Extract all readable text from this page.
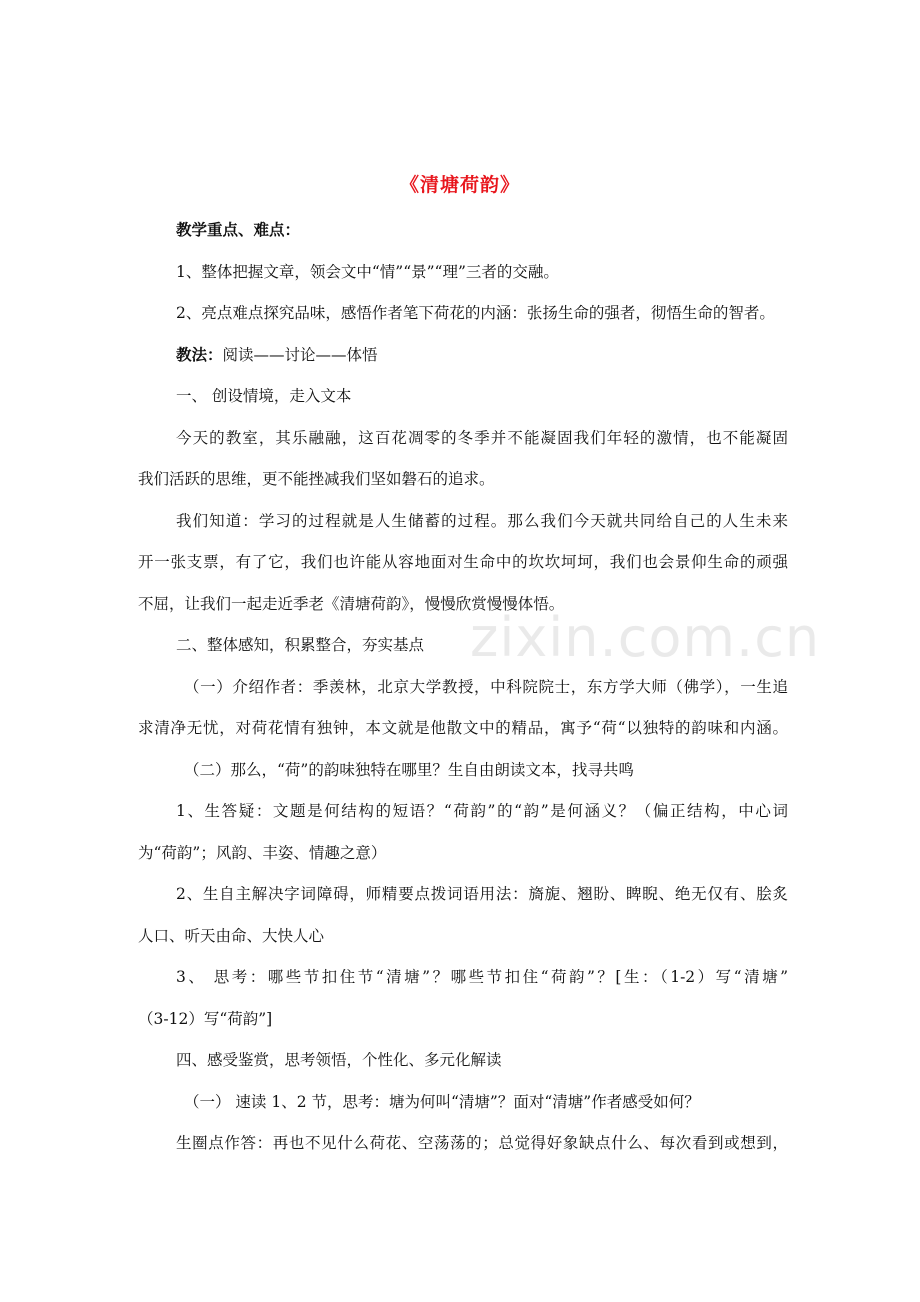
《清塘荷韵》
教学重点、难点：
1、整体把握文章，领会文中“情”“景”“理”三者的交融。
2、亮点难点探究品味，感悟作者笔下荷花的内涵：张扬生命的强者，彻悟生命的智者。
教法：阅读——讨论——体悟
一、 创设情境，走入文本
今天的教室，其乐融融，这百花凋零的冬季并不能凝固我们年轻的激情，也不能凝固
我们活跃的思维，更不能挫减我们坚如磐石的追求。
我们知道：学习的过程就是人生储蓄的过程。那么我们今天就共同给自己的人生未来
开一张支票，有了它，我们也许能从容地面对生命中的坎坎坷坷，我们也会景仰生命的顽强
不屈，让我们一起走近季老《清塘荷韵》，慢慢欣赏慢慢体悟。
二、整体感知，积累整合，夯实基点
（一）介绍作者：季羡林，北京大学教授，中科院院士，东方学大师（佛学），一生追
求清净无忧，对荷花情有独钟，本文就是他散文中的精品，寓予“荷“以独特的韵味和内涵。
（二）那么，“荷”的韵味独特在哪里？生自由朗读文本，找寻共鸣
1、生答疑：文题是何结构的短语？“荷韵”的“韵”是何涵义？（偏正结构，中心词
为“荷韵”；风韵、丰姿、情趣之意）
2、生自主解决字词障碍，师精要点拨词语用法：旖旎、翘盼、睥睨、绝无仅有、脍炙
人口、听天由命、大快人心
3、 思考：哪些节扣住节“清塘”？哪些节扣住“荷韵”？[生：（1-2）写“清塘”
（3-12）写“荷韵”]
四、感受鉴赏，思考领悟，个性化、多元化解读
（一） 速读 1、2 节，思考：塘为何叫“清塘”？面对“清塘”作者感受如何？
生圈点作答：再也不见什么荷花、空荡荡的；总觉得好象缺点什么、每次看到或想到，
zixin.com.cn
